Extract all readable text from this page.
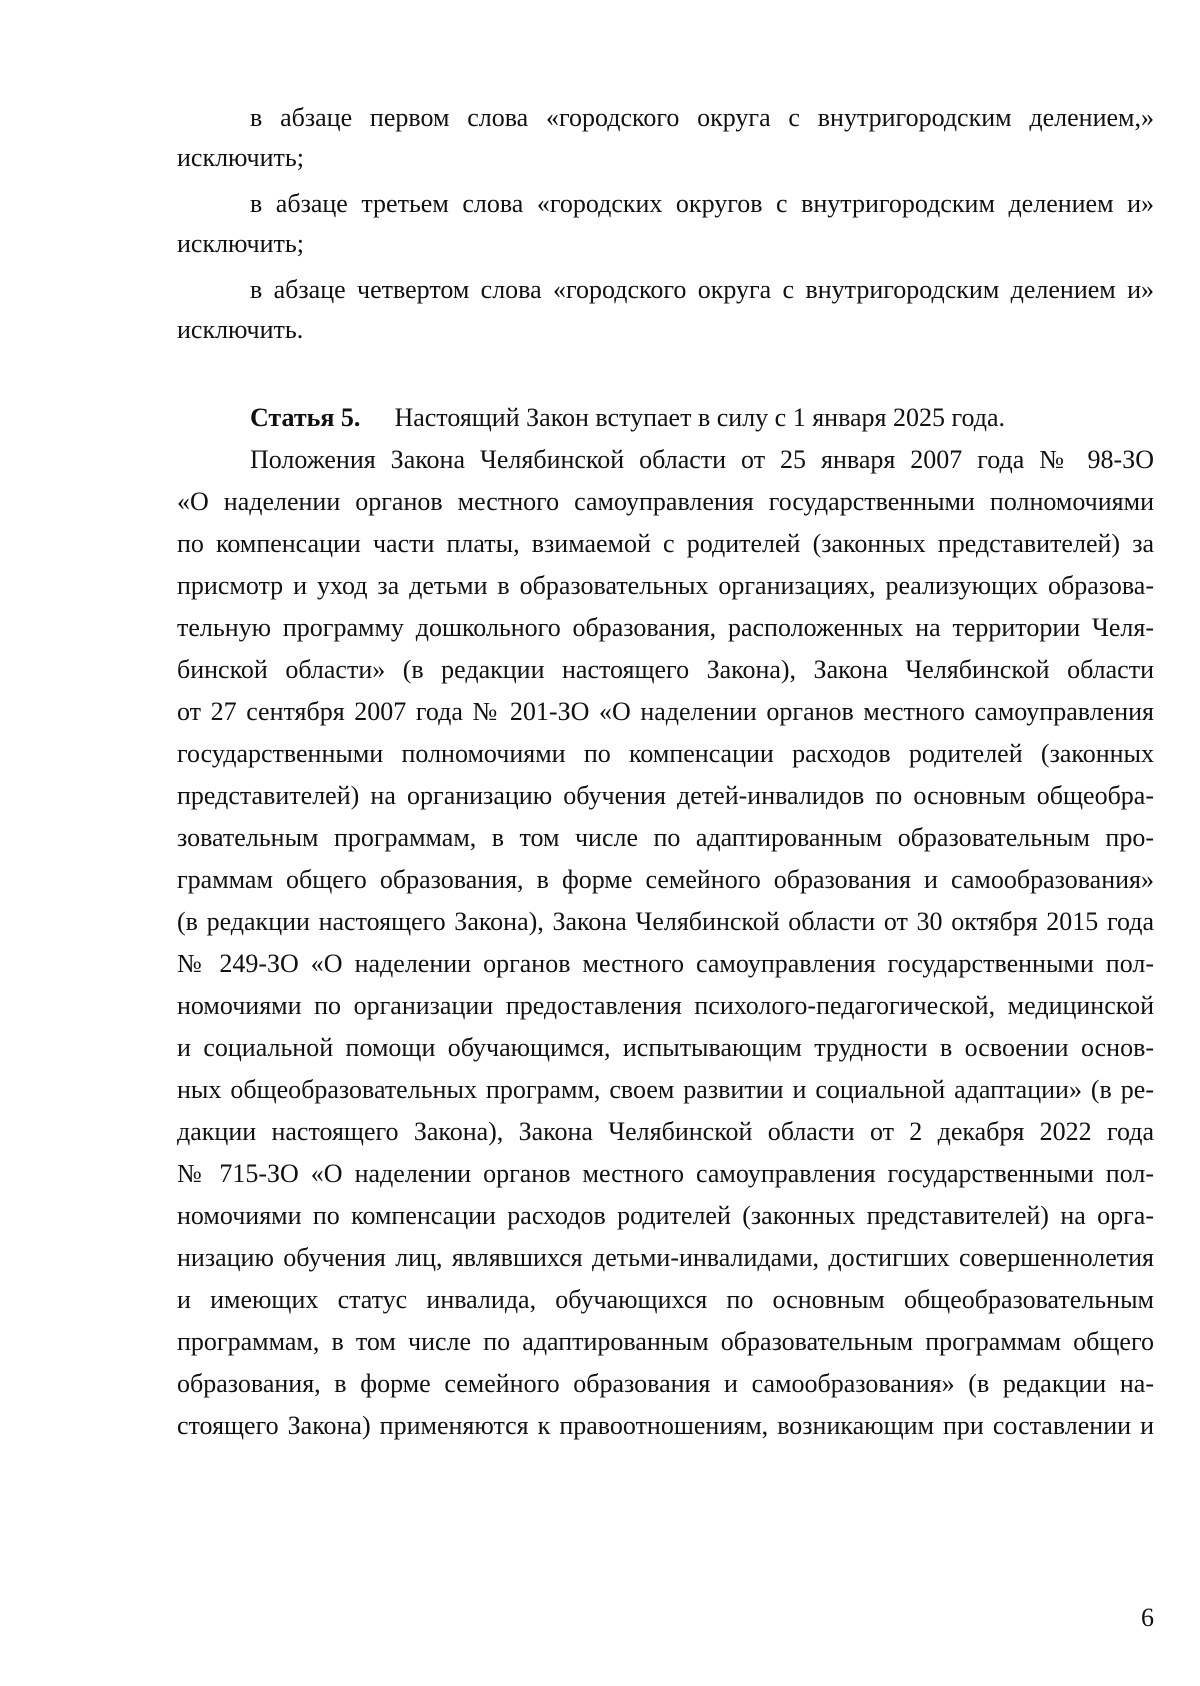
в абзаце первом слова «городского округа с внутригородским делением,»
исключить;
в абзаце третьем слова «городских округов с внутригородским делением и»
исключить;
в абзаце четвертом слова «городского округа с внутригородским делением и»
исключить.
Статья 5. Настоящий Закон вступает в силу с 1 января 2025 года.
Положения Закона Челябинской области от 25 января 2007 года № 98-ЗО
«О наделении органов местного самоуправления государственными полномочиями
по компенсации части платы, взимаемой с родителей (законных представителей) за
присмотр и уход за детьми в образовательных организациях, реализующих образова-
тельную программу дошкольного образования, расположенных на территории Челя-
бинской области» (в редакции настоящего Закона), Закона Челябинской области
от 27 сентября 2007 года № 201-ЗО «О наделении органов местного самоуправления
государственными полномочиями по компенсации расходов родителей (законных
представителей) на организацию обучения детей-инвалидов по основным общеобра-
зовательным программам, в том числе по адаптированным образовательным про-
граммам общего образования, в форме семейного образования и самообразования»
(в редакции настоящего Закона), Закона Челябинской области от 30 октября 2015 года
№ 249-ЗО «О наделении органов местного самоуправления государственными пол-
номочиями по организации предоставления психолого-педагогической, медицинской
и социальной помощи обучающимся, испытывающим трудности в освоении основ-
ных общеобразовательных программ, своем развитии и социальной адаптации» (в ре-
дакции настоящего Закона), Закона Челябинской области от 2 декабря 2022 года
№ 715-ЗО «О наделении органов местного самоуправления государственными пол-
номочиями по компенсации расходов родителей (законных представителей) на орга-
низацию обучения лиц, являвшихся детьми-инвалидами, достигших совершеннолетия
и имеющих статус инвалида, обучающихся по основным общеобразовательным
программам, в том числе по адаптированным образовательным программам общего
образования, в форме семейного образования и самообразования» (в редакции на-
стоящего Закона) применяются к правоотношениям, возникающим при составлении и
6
